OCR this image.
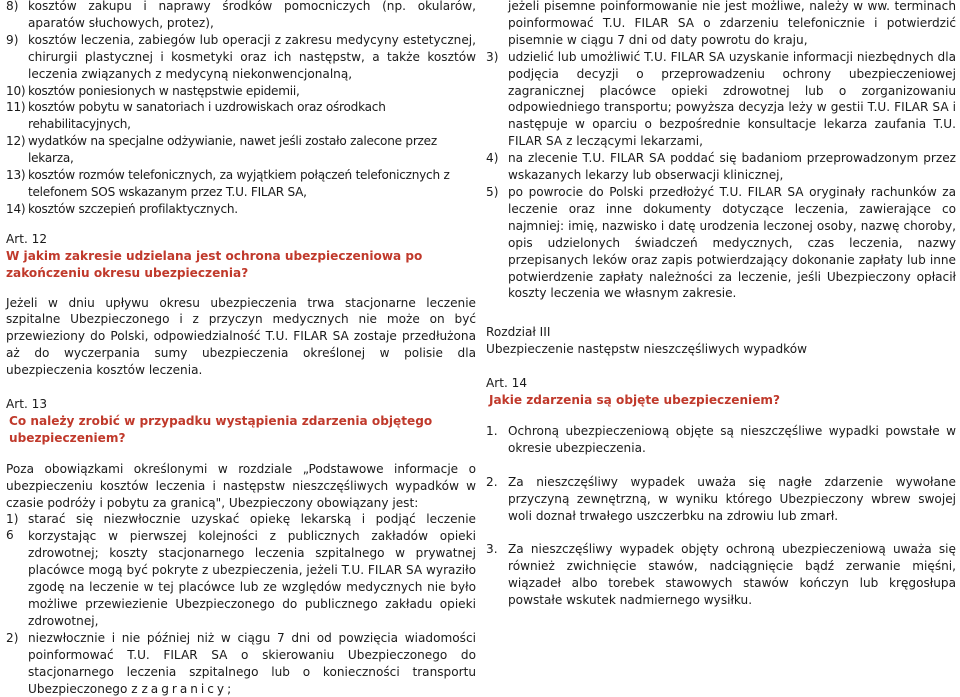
8) kosztów zakupu i naprawy środków pomocniczych (np. okularów, aparatów słuchowych, protez),
9) kosztów leczenia, zabiegów lub operacji z zakresu medycyny estetycznej, chirurgii plastycznej i kosmetyki oraz ich następstw, a także kosztów leczenia związanych z medycyną niekonwencjonalną,
10) kosztów poniesionych w następstwie epidemii,
11) kosztów pobytu w sanatoriach i uzdrowiskach oraz ośrodkach rehabilitacyjnych,
12) wydatków na specjalne odżywianie, nawet jeśli zostało zalecone przez lekarza,
13) kosztów rozmów telefonicznych, za wyjątkiem połączeń telefonicznych z telefonem SOS wskazanym przez T.U. FILAR SA,
14) kosztów szczepień profilaktycznych.
Art. 12
W jakim zakresie udzielana jest ochrona ubezpieczeniowa po zakończeniu okresu ubezpieczenia?
Jeżeli w dniu upływu okresu ubezpieczenia trwa stacjonarne leczenie szpitalne Ubezpieczonego i z przyczyn medycznych nie może on być przewieziony do Polski, odpowiedzialność T.U. FILAR SA zostaje przedłużona aż do wyczerpania sumy ubezpieczenia określonej w polisie dla ubezpieczenia kosztów leczenia.
Art. 13
Co należy zrobić w przypadku wystąpienia zdarzenia objętego ubezpieczeniem?
Poza obowiązkami określonymi w rozdziale „Podstawowe informacje o ubezpieczeniu kosztów leczenia i następstw nieszczęśliwych wypadków w czasie podróży i pobytu za granicą", Ubezpieczony obowiązany jest:
1) starać się niezwłocznie uzyskać opiekę lekarską i podjąć leczenie korzystając w pierwszej kolejności z publicznych zakładów opieki zdrowotnej; koszty stacjonarnego leczenia szpitalnego w prywatnej placówce mogą być pokryte z ubezpieczenia, jeżeli T.U. FILAR SA wyraziło zgodę na leczenie w tej placówce lub ze względów medycznych nie było możliwe przewiezienie Ubezpieczonego do publicznego zakładu opieki zdrowotnej,
2) niezwłocznie i nie później niż w ciągu 7 dni od powzięcia wiadomości poinformować T.U. FILAR SA o skierowaniu Ubezpieczonego do stacjonarnego leczenia szpitalnego lub o konieczności transportu Ubezpieczonego z zagranicy;
jeżeli pisemne poinformowanie nie jest możliwe, należy w ww. terminach poinformować T.U. FILAR SA o zdarzeniu telefonicznie i potwierdzić pisemnie w ciągu 7 dni od daty powrotu do kraju,
3) udzielić lub umożliwić T.U. FILAR SA uzyskanie informacji niezbędnych dla podjęcia decyzji o przeprowadzeniu ochrony ubezpieczeniowej zagranicznej placówce opieki zdrowotnej lub o zorganizowaniu odpowiedniego transportu; powyższa decyzja leży w gestii T.U. FILAR SA i następuje w oparciu o bezpośrednie konsultacje lekarza zaufania T.U. FILAR SA z leczącymi lekarzami,
4) na zlecenie T.U. FILAR SA poddać się badaniom przeprowadzonym przez wskazanych lekarzy lub obserwacji klinicznej,
5) po powrocie do Polski przedłożyć T.U. FILAR SA oryginały rachunków za leczenie oraz inne dokumenty dotyczące leczenia, zawierające co najmniej: imię, nazwisko i datę urodzenia leczonej osoby, nazwę choroby, opis udzielonych świadczeń medycznych, czas leczenia, nazwy przepisanych leków oraz zapis potwierdzający dokonanie zapłaty lub inne potwierdzenie zapłaty należności za leczenie, jeśli Ubezpieczony opłacił koszty leczenia we własnym zakresie.
Rozdział III
Ubezpieczenie następstw nieszczęśliwych wypadków
Art. 14
Jakie zdarzenia są objęte ubezpieczeniem?
1. Ochroną ubezpieczeniową objęte są nieszczęśliwe wypadki powstałe w okresie ubezpieczenia.
2. Za nieszczęśliwy wypadek uważa się nagłe zdarzenie wywołane przyczyną zewnętrzną, w wyniku którego Ubezpieczony wbrew swojej woli doznał trwałego uszczerbku na zdrowiu lub zmarł.
3. Za nieszczęśliwy wypadek objęty ochroną ubezpieczeniową uważa się również zwichnięcie stawów, nadciągnięcie bądź zerwanie mięśni, wiązadeł albo torebek stawowych stawów kończyn lub kręgosłupa powstałe wskutek nadmiernego wysiłku.
6
